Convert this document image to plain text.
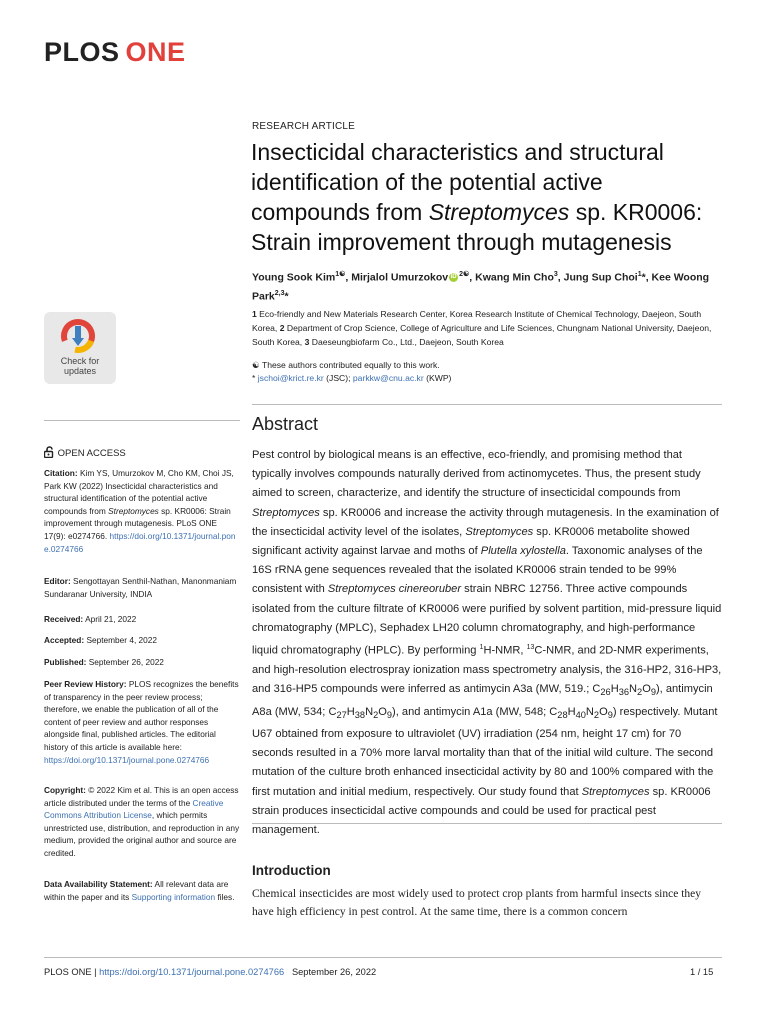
PLOS ONE
RESEARCH ARTICLE
Insecticidal characteristics and structural identification of the potential active compounds from Streptomyces sp. KR0006: Strain improvement through mutagenesis
Young Sook Kim$^{1☯}$, Mirjalol Umurzokov iD $^{2☯}$, Kwang Min Cho$^3$, Jung Sup Choi$^1$*, Kee Woong Park$^{2,3}$*
1 Eco-friendly and New Materials Research Center, Korea Research Institute of Chemical Technology, Daejeon, South Korea, 2 Department of Crop Science, College of Agriculture and Life Sciences, Chungnam National University, Daejeon, South Korea, 3 Daeseungbiofarm Co., Ltd., Daejeon, South Korea
☯ These authors contributed equally to this work.
* jschoi@krict.re.kr (JSC); parkkw@cnu.ac.kr (KWP)
Check for
updates
OPEN ACCESS
Citation: Kim YS, Umurzokov M, Cho KM, Choi JS, Park KW (2022) Insecticidal characteristics and structural identification of the potential active compounds from Streptomyces sp. KR0006: Strain improvement through mutagenesis. PLoS ONE 17(9): e0274766. https://doi.org/10.1371/journal.pone.0274766
Editor: Sengottayan Senthil-Nathan, Manonmaniam Sundaranar University, INDIA
Received: April 21, 2022
Accepted: September 4, 2022
Published: September 26, 2022
Peer Review History: PLOS recognizes the benefits of transparency in the peer review process; therefore, we enable the publication of all of the content of peer review and author responses alongside final, published articles. The editorial history of this article is available here: https://doi.org/10.1371/journal.pone.0274766
Copyright: © 2022 Kim et al. This is an open access article distributed under the terms of the Creative Commons Attribution License, which permits unrestricted use, distribution, and reproduction in any medium, provided the original author and source are credited.
Data Availability Statement: All relevant data are within the paper and its Supporting information files.
Abstract

Pest control by biological means is an effective, eco-friendly, and promising method that typically involves compounds naturally derived from actinomycetes. Thus, the present study aimed to screen, characterize, and identify the structure of insecticidal compounds from Streptomyces sp. KR0006 and increase the activity through mutagenesis. In the examination of the insecticidal activity level of the isolates, Streptomyces sp. KR0006 metabolite showed significant activity against larvae and moths of Plutella xylostella. Taxonomic analyses of the 16S rRNA gene sequences revealed that the isolated KR0006 strain tended to be 99% consistent with Streptomyces cinereoruber strain NBRC 12756. Three active compounds isolated from the culture filtrate of KR0006 were purified by solvent partition, mid-pressure liquid chromatography (MPLC), Sephadex LH20 column chromatography, and high-performance liquid chromatography (HPLC). By performing $^1$H-NMR, $^{13}$C-NMR, and 2D-NMR experiments, and high-resolution electrospray ionization mass spectrometry analysis, the 316-HP2, 316-HP3, and 316-HP5 compounds were inferred as antimycin A3a (MW, 519.; $C_{26}H_{36}N_2O_9$), antimycin A8a (MW, 534; $C_{27}H_{38}N_2O_9$), and antimycin A1a (MW, 548; $C_{28}H_{40}N_2O_9$) respectively. Mutant U67 obtained from exposure to ultraviolet (UV) irradiation (254 nm, height 17 cm) for 70 seconds resulted in a 70% more larval mortality than that of the initial wild culture. The second mutation of the culture broth enhanced insecticidal activity by 80 and 100% compared with the first mutation and initial medium, respectively. Our study found that Streptomyces sp. KR0006 strain produces insecticidal active compounds and could be used for practical pest management.

Introduction

Chemical insecticides are most widely used to protect crop plants from harmful insects since they have high efficiency in pest control. At the same time, there is a common concern

PLOS ONE | https://doi.org/10.1371/journal.pone.0274766 September 26, 2022	1 / 15
